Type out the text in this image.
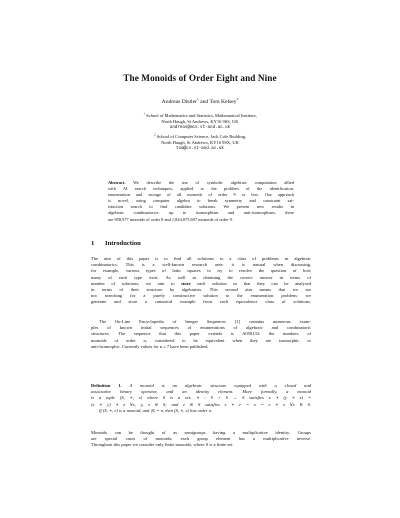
The Monoids of Order Eight and Nine
Andreas Distler$^1$ and Tom Kelsey$^2$
$^1$ School of Mathematics and Statistics, Mathematical Institute,
North Haugh, St Andrews, KY16 9SS, UK
andreas@mcs.st-and.ac.uk
$^2$ School of Computer Science, Jack Cole Building,
North Haugh, St Andrews, KY16 9SX, UK
tom@cs.st-and.ac.uk
Abstract. We describe the use of symbolic algebraic computation allied
with AI search techniques, applied to the problem of the identification,
enumeration and storage of all monoids of order 9 or less. Our approach
is novel, using computer algebra to break symmetry and constraint sat-
isfaction search to find candidate solutions. We present new results in
algebraic combinatorics: up to isomorphism and anti-isomorphism, there
are 858,977 monoids of order 8 and 1,844,075,697 monoids of order 9.
1 Introduction
The aim of this paper is to find all solutions to a class of problems in algebraic
combinatorics. This is a well-known research area: it is natural when discussing,
for example, various types of latin squares to try to resolve the question of how
many of each type exist. As well as obtaining the correct answer in terms of
number of solutions, we aim to store each solution so that they can be analysed
in terms of their structure by algebraists. This second aim means that we are
not searching for a purely constructive solution to the enumeration problem; we
generate and store a canonical example from each equivalence class of solutions.
The On-Line Encyclopedia of Integer Sequences [1] contains numerous exam-
ples of known initial sequences of enumerations of algebraic and combinatoric
structures. The sequence that this paper extends is A058133: the numbers of
monoids of order n, considered to be equivalent when they are isomorphic or
anti-isomorphic. Currently values for n ≤ 7 have been published.
Definition 1. A monoid is an algebraic structure equipped with a closed and
associative binary operator, and an identity element. More formally, a monoid
is a tuple (S, ∗, e) where S is a set; ∗ : S × S → S satisfies x ∗ (y ∗ z) =
(x ∗ y) ∗ z ∀x, y, z ∈ S; and e ∈ S satisfies x ∗ e = x = e ∗ x ∀x ∈ S.
If (S, ∗, e) is a monoid, and |S| = n, then (S, ∗, e) has order n.
Monoids can be thought of as semigroups having a multiplicative identity. Groups
are special cases of monoids; each group element has a multiplicative inverse.
Throughout this paper we consider only finite monoids, where S is a finite set.
